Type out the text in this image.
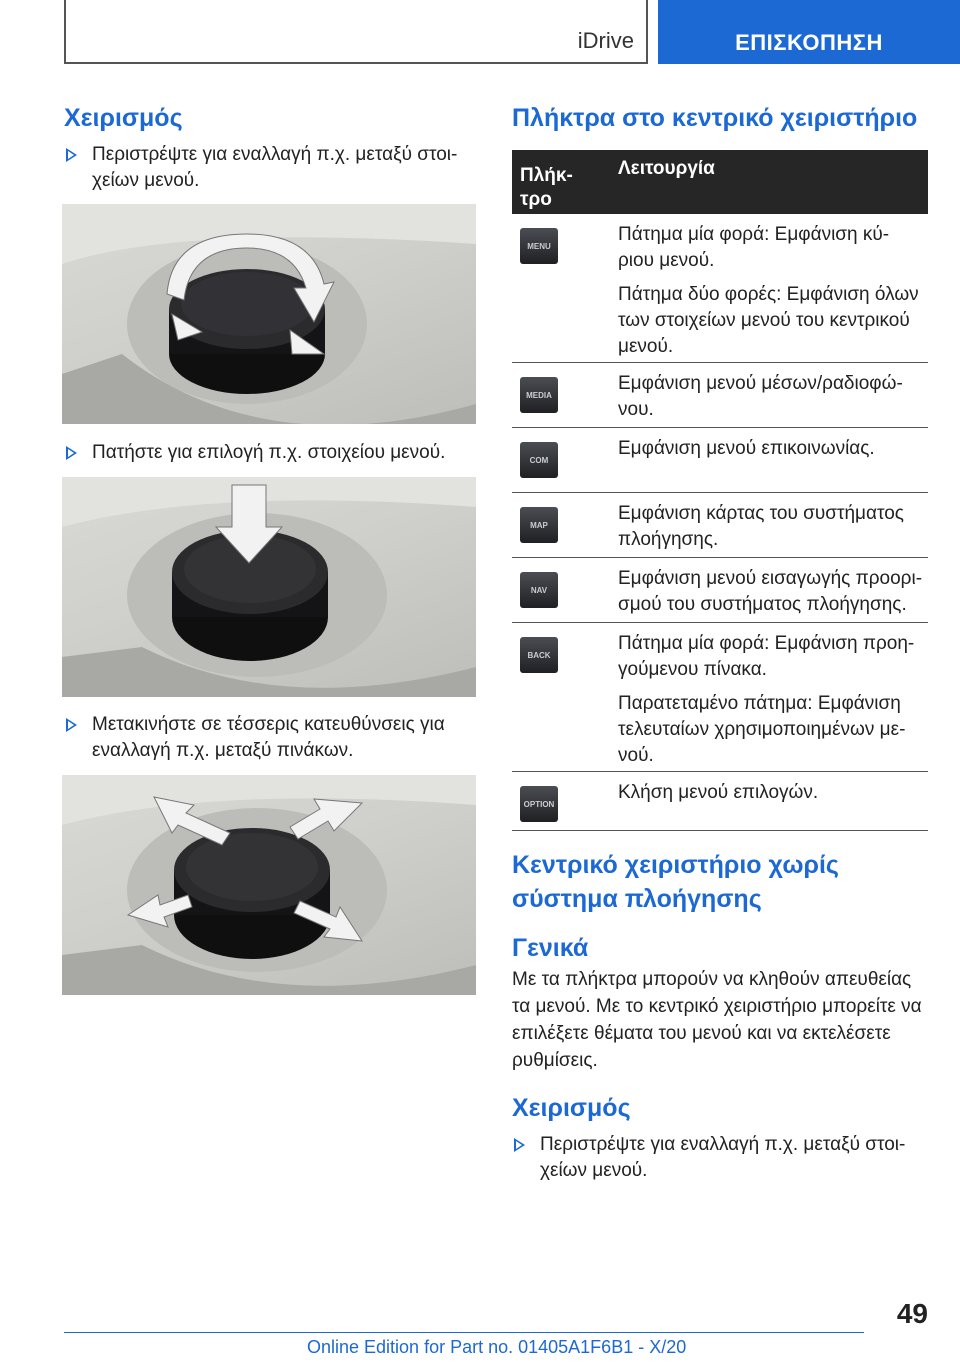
iDrive	ΕΠΙΣΚΟΠΗΣΗ
Χειρισμός
Περιστρέψτε για εναλλαγή π.χ. μεταξύ στοι-
χείων μενού.
Πατήστε για επιλογή π.χ. στοιχείου μενού.
Μετακινήστε σε τέσσερις κατευθύνσεις για
εναλλαγή π.χ. μεταξύ πινάκων.
Πλήκτρα στο κεντρικό χειριστήριο
Πλήκ-
τρο
Λειτουργία
MENU

Πάτημα μία φορά: Εμφάνιση κύ-
ριου μενού.

Πάτημα δύο φορές: Εμφάνιση όλων
των στοιχείων μενού του κεντρικού
μενού.

MEDIA

Εμφάνιση μενού μέσων/ραδιοφώ-
νου.

COM

Εμφάνιση μενού επικοινωνίας.

MAP

Εμφάνιση κάρτας του συστήματος
πλοήγησης.

NAV

Εμφάνιση μενού εισαγωγής προορι-
σμού του συστήματος πλοήγησης.

BACK

Πάτημα μία φορά: Εμφάνιση προη-
γούμενου πίνακα.

Παρατεταμένο πάτημα: Εμφάνιση
τελευταίων χρησιμοποιημένων με-
νού.

OPTION

Κλήση μενού επιλογών.

Κεντρικό χειριστήριο χωρίς
σύστημα πλοήγησης
Γενικά
Με τα πλήκτρα μπορούν να κληθούν απευθείας
τα μενού. Με το κεντρικό χειριστήριο μπορείτε να
επιλέξετε θέματα του μενού και να εκτελέσετε
ρυθμίσεις.
Χειρισμός
Περιστρέψτε για εναλλαγή π.χ. μεταξύ στοι-
χείων μενού.
49
Online Edition for Part no. 01405A1F6B1 - X/20
